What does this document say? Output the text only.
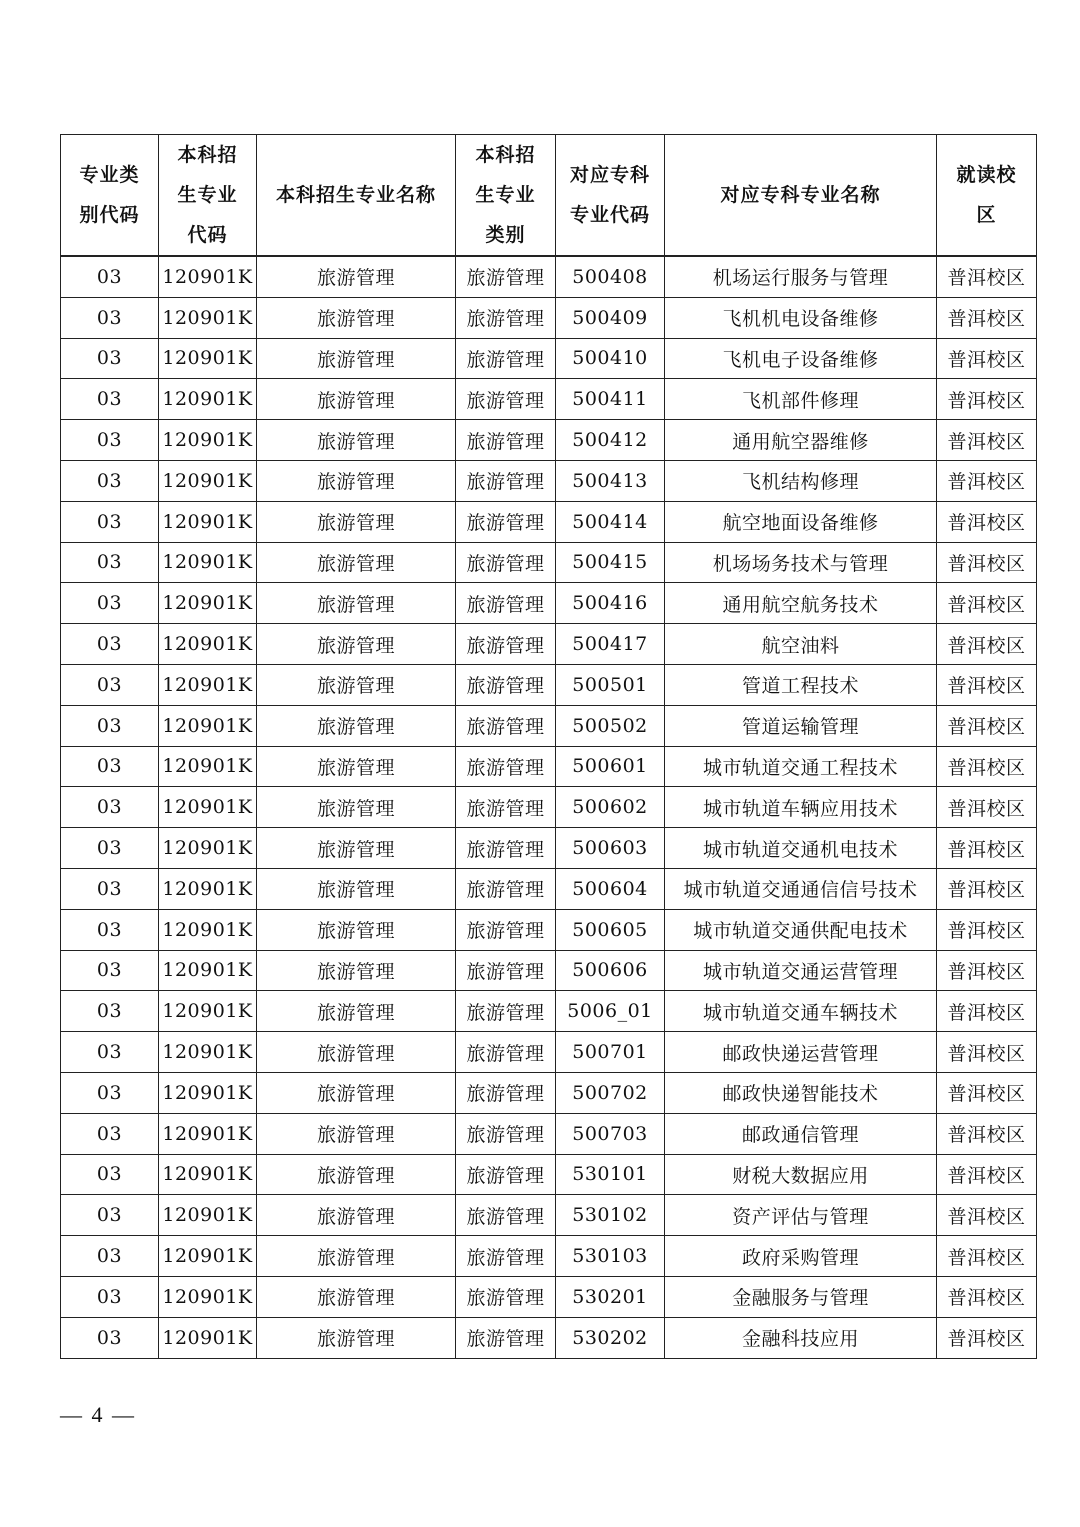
专业类别代码	本科招生专业代码	本科招生专业名称	本科招生专业类别	对应专科专业代码	对应专科专业名称	就读校区
03	120901K	旅游管理	旅游管理	500408	机场运行服务与管理	普洱校区
03	120901K	旅游管理	旅游管理	500409	飞机机电设备维修	普洱校区
03	120901K	旅游管理	旅游管理	500410	飞机电子设备维修	普洱校区
03	120901K	旅游管理	旅游管理	500411	飞机部件修理	普洱校区
03	120901K	旅游管理	旅游管理	500412	通用航空器维修	普洱校区
03	120901K	旅游管理	旅游管理	500413	飞机结构修理	普洱校区
03	120901K	旅游管理	旅游管理	500414	航空地面设备维修	普洱校区
03	120901K	旅游管理	旅游管理	500415	机场场务技术与管理	普洱校区
03	120901K	旅游管理	旅游管理	500416	通用航空航务技术	普洱校区
03	120901K	旅游管理	旅游管理	500417	航空油料	普洱校区
03	120901K	旅游管理	旅游管理	500501	管道工程技术	普洱校区
03	120901K	旅游管理	旅游管理	500502	管道运输管理	普洱校区
03	120901K	旅游管理	旅游管理	500601	城市轨道交通工程技术	普洱校区
03	120901K	旅游管理	旅游管理	500602	城市轨道车辆应用技术	普洱校区
03	120901K	旅游管理	旅游管理	500603	城市轨道交通机电技术	普洱校区
03	120901K	旅游管理	旅游管理	500604	城市轨道交通通信信号技术	普洱校区
03	120901K	旅游管理	旅游管理	500605	城市轨道交通供配电技术	普洱校区
03	120901K	旅游管理	旅游管理	500606	城市轨道交通运营管理	普洱校区
03	120901K	旅游管理	旅游管理	5006_01	城市轨道交通车辆技术	普洱校区
03	120901K	旅游管理	旅游管理	500701	邮政快递运营管理	普洱校区
03	120901K	旅游管理	旅游管理	500702	邮政快递智能技术	普洱校区
03	120901K	旅游管理	旅游管理	500703	邮政通信管理	普洱校区
03	120901K	旅游管理	旅游管理	530101	财税大数据应用	普洱校区
03	120901K	旅游管理	旅游管理	530102	资产评估与管理	普洱校区
03	120901K	旅游管理	旅游管理	530103	政府采购管理	普洱校区
03	120901K	旅游管理	旅游管理	530201	金融服务与管理	普洱校区
03	120901K	旅游管理	旅游管理	530202	金融科技应用	普洱校区
— 4 —
